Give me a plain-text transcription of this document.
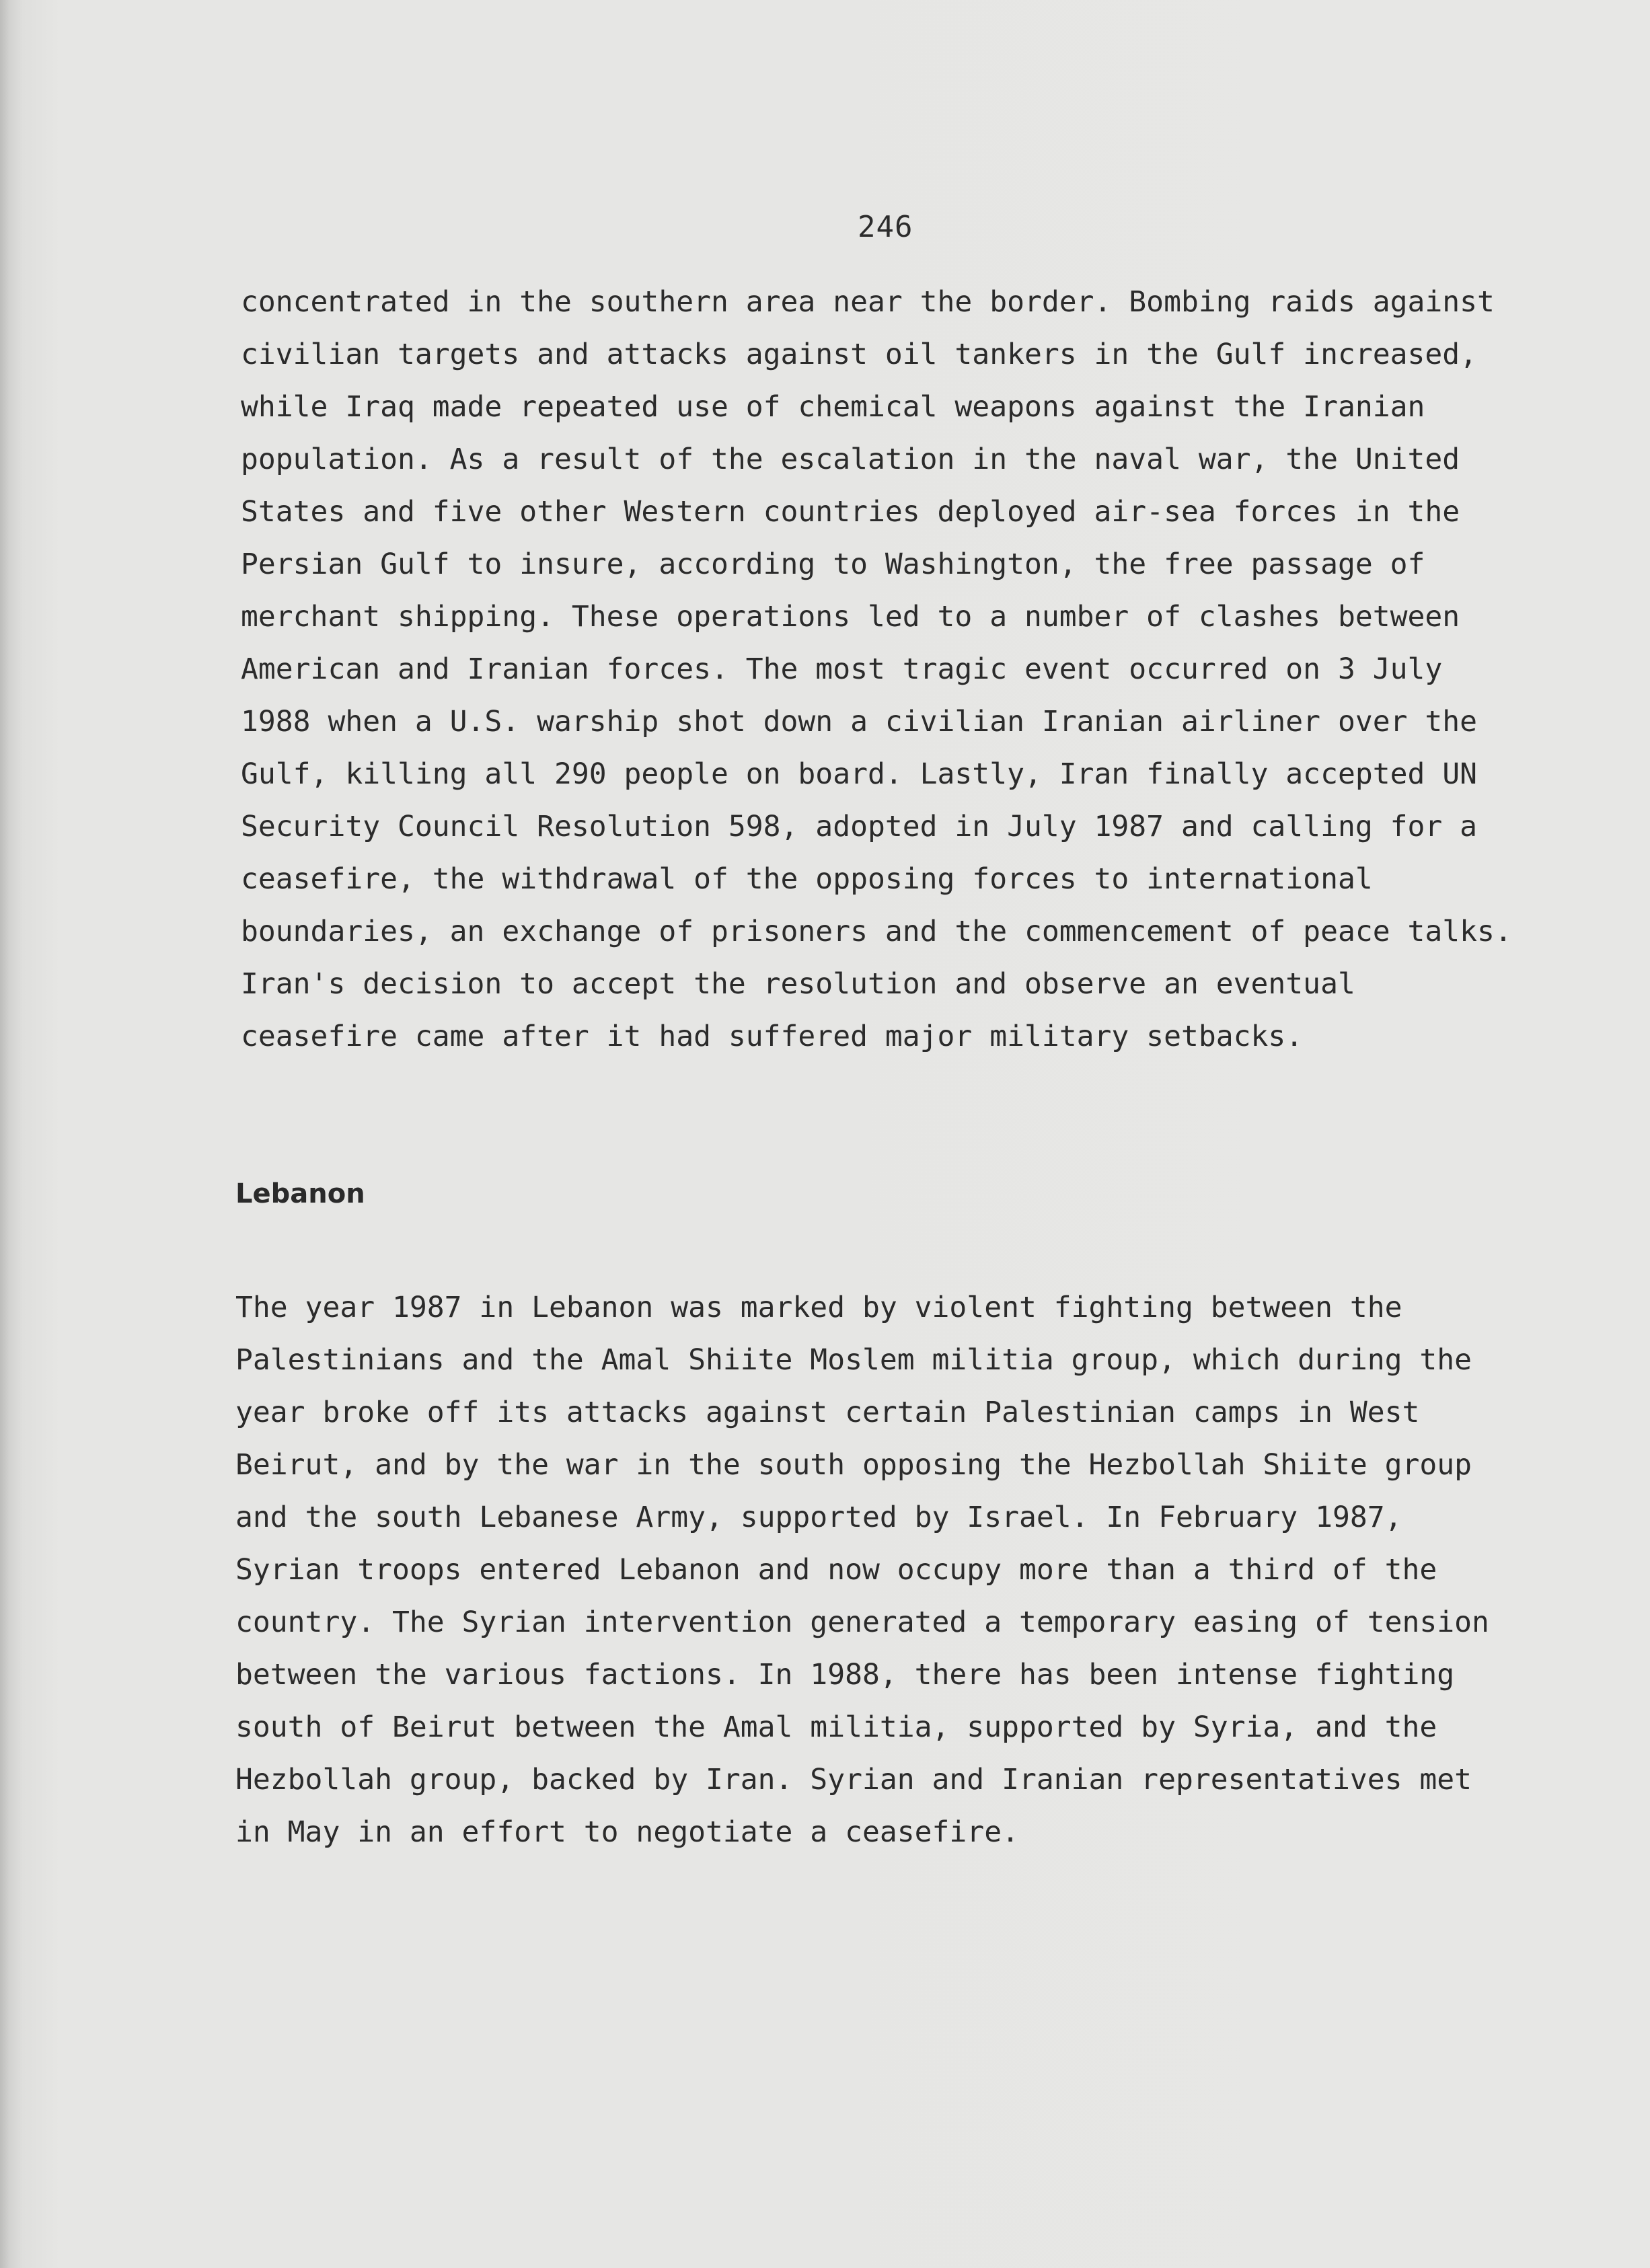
246

concentrated in the southern area near the border. Bombing raids against
civilian targets and attacks against oil tankers in the Gulf increased,
while Iraq made repeated use of chemical weapons against the Iranian
population. As a result of the escalation in the naval war, the United
States and five other Western countries deployed air-sea forces in the
Persian Gulf to insure, according to Washington, the free passage of
merchant shipping. These operations led to a number of clashes between
American and Iranian forces. The most tragic event occurred on 3 July
1988 when a U.S. warship shot down a civilian Iranian airliner over the
Gulf, killing all 290 people on board. Lastly, Iran finally accepted UN
Security Council Resolution 598, adopted in July 1987 and calling for a
ceasefire, the withdrawal of the opposing forces to international
boundaries, an exchange of prisoners and the commencement of peace talks.
Iran's decision to accept the resolution and observe an eventual
ceasefire came after it had suffered major military setbacks.

Lebanon

The year 1987 in Lebanon was marked by violent fighting between the
Palestinians and the Amal Shiite Moslem militia group, which during the
year broke off its attacks against certain Palestinian camps in West
Beirut, and by the war in the south opposing the Hezbollah Shiite group
and the south Lebanese Army, supported by Israel. In February 1987,
Syrian troops entered Lebanon and now occupy more than a third of the
country. The Syrian intervention generated a temporary easing of tension
between the various factions. In 1988, there has been intense fighting
south of Beirut between the Amal militia, supported by Syria, and the
Hezbollah group, backed by Iran. Syrian and Iranian representatives met
in May in an effort to negotiate a ceasefire.
